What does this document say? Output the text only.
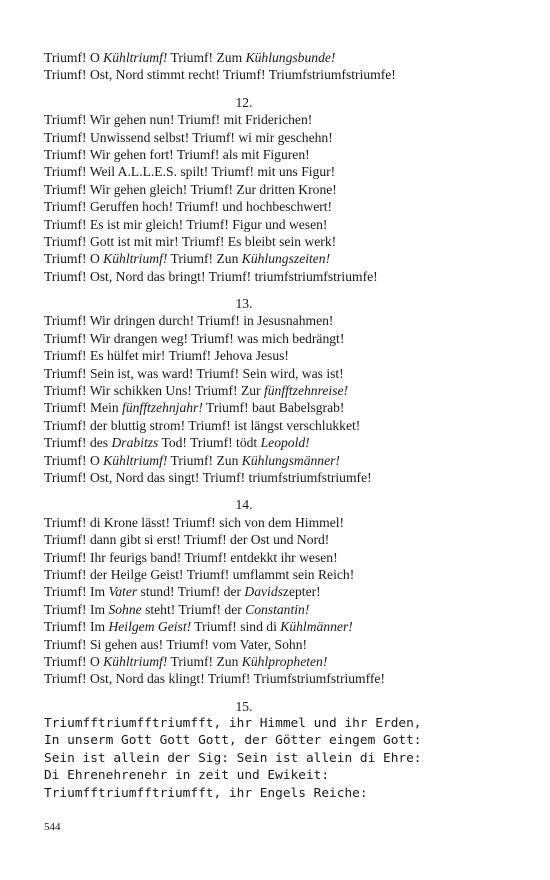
Triumf! O Kühltriumf! Triumf! Zum Kühlungsbunde!
Triumf! Ost, Nord stimmt recht! Triumf! Triumfstriumfstriumfe!
12.
Triumf! Wir gehen nun! Triumf! mit Friderichen!
Triumf! Unwissend selbst! Triumf! wi mir geschehn!
Triumf! Wir gehen fort! Triumf! als mit Figuren!
Triumf! Weil A.L.L.E.S. spilt! Triumf! mit uns Figur!
Triumf! Wir gehen gleich! Triumf! Zur dritten Krone!
Triumf! Geruffen hoch! Triumf! und hochbeschwert!
Triumf! Es ist mir gleich! Triumf! Figur und wesen!
Triumf! Gott ist mit mir! Triumf! Es bleibt sein werk!
Triumf! O Kühltriumf! Triumf! Zun Kühlungszeiten!
Triumf! Ost, Nord das bringt! Triumf! triumfstriumfstriumfe!
13.
Triumf! Wir dringen durch! Triumf! in Jesusnahmen!
Triumf! Wir drangen weg! Triumf! was mich bedrängt!
Triumf! Es hülfet mir! Triumf! Jehova Jesus!
Triumf! Sein ist, was ward! Triumf! Sein wird, was ist!
Triumf! Wir schikken Uns! Triumf! Zur fünfftzehnreise!
Triumf! Mein fünfftzehnjahr! Triumf! baut Babelsgrab!
Triumf! der bluttig strom! Triumf! ist längst verschlukket!
Triumf! des Drabitzs Tod! Triumf! tödt Leopold!
Triumf! O Kühltriumf! Triumf! Zun Kühlungsmänner!
Triumf! Ost, Nord das singt! Triumf! triumfstriumfstriumfe!
14.
Triumf! di Krone lässt! Triumf! sich von dem Himmel!
Triumf! dann gibt si erst! Triumf! der Ost und Nord!
Triumf! Ihr feurigs band! Triumf! entdekkt ihr wesen!
Triumf! der Heilge Geist! Triumf! umflammt sein Reich!
Triumf! Im Vater stund! Triumf! der Davidszepter!
Triumf! Im Sohne steht! Triumf! der Constantin!
Triumf! Im Heilgem Geist! Triumf! sind di Kühlmänner!
Triumf! Si gehen aus! Triumf! vom Vater, Sohn!
Triumf! O Kühltriumf! Triumf! Zun Kühlpropheten!
Triumf! Ost, Nord das klingt! Triumf! Triumfstriumfstriumffe!
15.
Triumfftriumfftriumfft, ihr Himmel und ihr Erden,
In unserm Gott Gott Gott, der Götter eingem Gott:
Sein ist allein der Sig: Sein ist allein di Ehre:
Di Ehrenehrenehr in zeit und Ewikeit:
Triumfftriumfftriumfft, ihr Engels Reiche:
544
